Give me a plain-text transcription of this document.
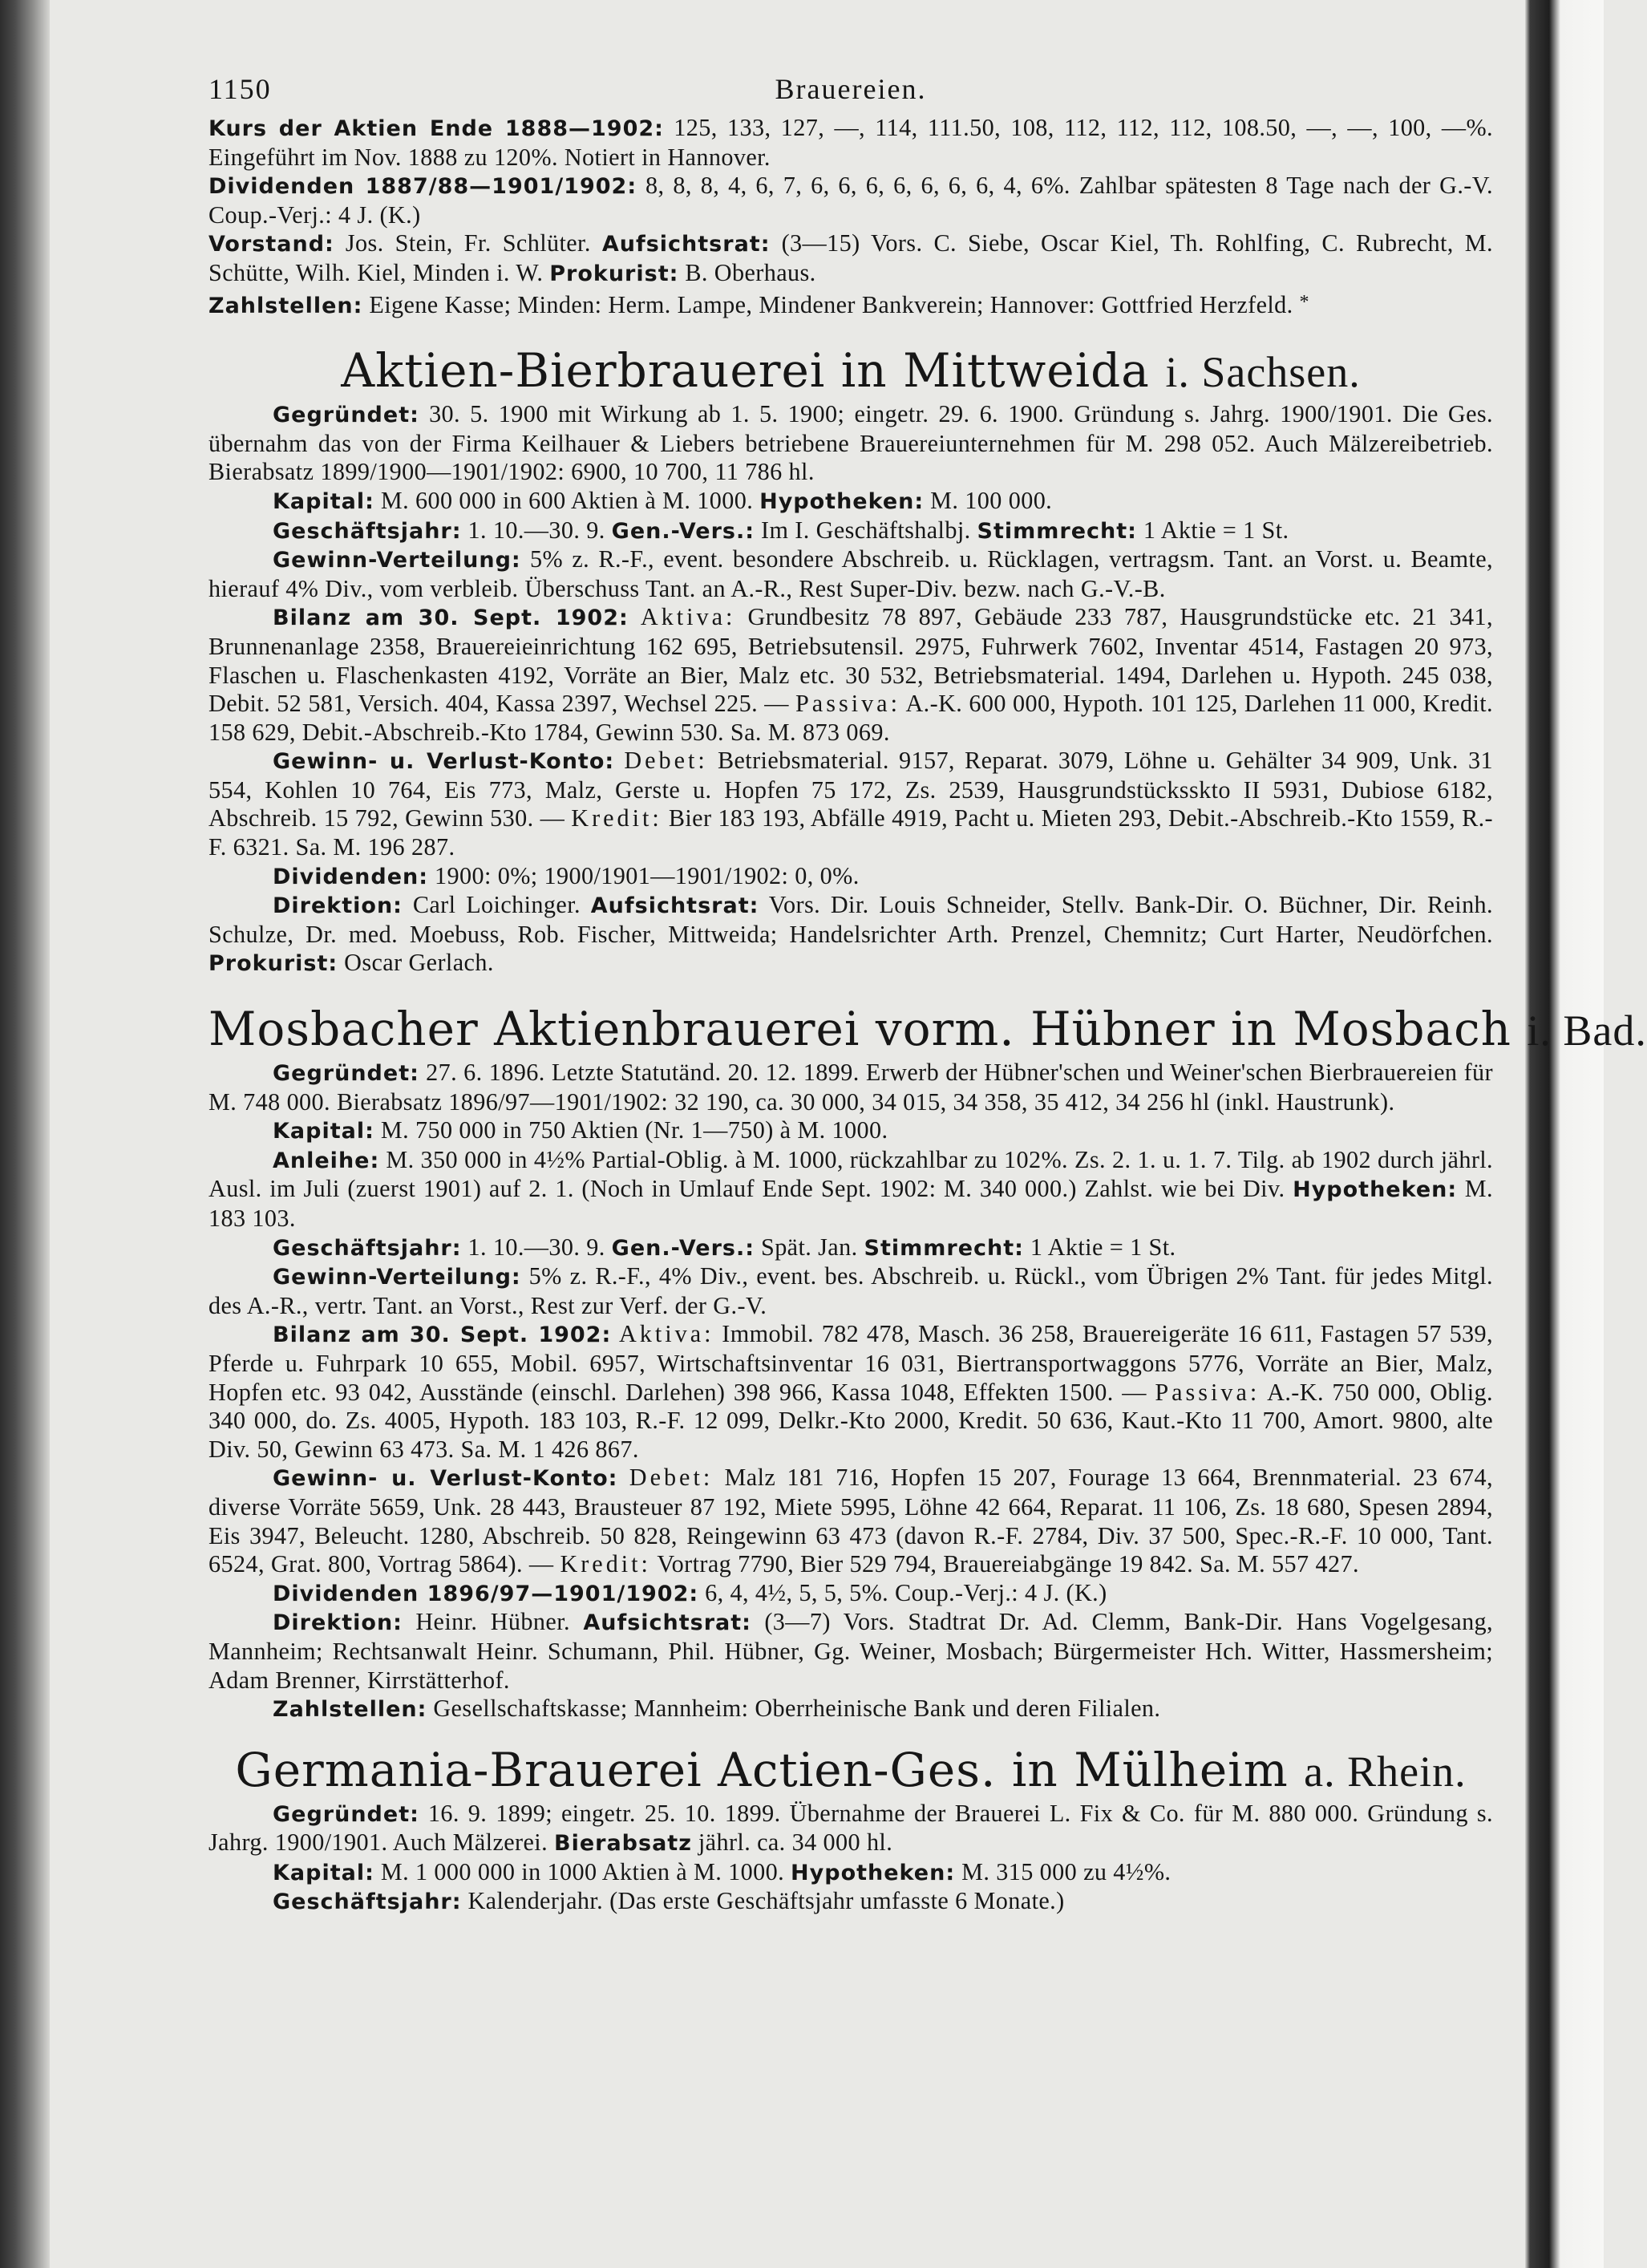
1150	Brauereien.

Kurs der Aktien Ende 1888—1902: 125, 133, 127, —, 114, 111.50, 108, 112, 112, 112, 108.50, —, —, 100, —%. Eingeführt im Nov. 1888 zu 120%. Notiert in Hannover.

Dividenden 1887/88—1901/1902: 8, 8, 8, 4, 6, 7, 6, 6, 6, 6, 6, 6, 6, 4, 6%. Zahlbar spätesten 8 Tage nach der G.-V. Coup.-Verj.: 4 J. (K.)

Vorstand: Jos. Stein, Fr. Schlüter. Aufsichtsrat: (3—15) Vors. C. Siebe, Oscar Kiel, Th. Rohlfing, C. Rubrecht, M. Schütte, Wilh. Kiel, Minden i. W. Prokurist: B. Oberhaus.

Zahlstellen: Eigene Kasse; Minden: Herm. Lampe, Mindener Bankverein; Hannover: Gottfried Herzfeld. *

Aktien-Bierbrauerei in Mittweida i. Sachsen.

Gegründet: 30. 5. 1900 mit Wirkung ab 1. 5. 1900; eingetr. 29. 6. 1900. Gründung s. Jahrg. 1900/1901. Die Ges. übernahm das von der Firma Keilhauer & Liebers betriebene Brauereiunternehmen für M. 298 052. Auch Mälzereibetrieb. Bierabsatz 1899/1900—1901/1902: 6900, 10 700, 11 786 hl.

Kapital: M. 600 000 in 600 Aktien à M. 1000. Hypotheken: M. 100 000.

Geschäftsjahr: 1. 10.—30. 9. Gen.-Vers.: Im I. Geschäftshalbj. Stimmrecht: 1 Aktie = 1 St.

Gewinn-Verteilung: 5% z. R.-F., event. besondere Abschreib. u. Rücklagen, vertragsm. Tant. an Vorst. u. Beamte, hierauf 4% Div., vom verbleib. Überschuss Tant. an A.-R., Rest Super-Div. bezw. nach G.-V.-B.

Bilanz am 30. Sept. 1902: Aktiva: Grundbesitz 78 897, Gebäude 233 787, Hausgrundstücke etc. 21 341, Brunnenanlage 2358, Brauereieinrichtung 162 695, Betriebsutensil. 2975, Fuhrwerk 7602, Inventar 4514, Fastagen 20 973, Flaschen u. Flaschenkasten 4192, Vorräte an Bier, Malz etc. 30 532, Betriebsmaterial. 1494, Darlehen u. Hypoth. 245 038, Debit. 52 581, Versich. 404, Kassa 2397, Wechsel 225. — Passiva: A.-K. 600 000, Hypoth. 101 125, Darlehen 11 000, Kredit. 158 629, Debit.-Abschreib.-Kto 1784, Gewinn 530. Sa. M. 873 069.

Gewinn- u. Verlust-Konto: Debet: Betriebsmaterial. 9157, Reparat. 3079, Löhne u. Gehälter 34 909, Unk. 31 554, Kohlen 10 764, Eis 773, Malz, Gerste u. Hopfen 75 172, Zs. 2539, Hausgrundstücksskto II 5931, Dubiose 6182, Abschreib. 15 792, Gewinn 530. — Kredit: Bier 183 193, Abfälle 4919, Pacht u. Mieten 293, Debit.-Abschreib.-Kto 1559, R.-F. 6321. Sa. M. 196 287.

Dividenden: 1900: 0%; 1900/1901—1901/1902: 0, 0%.

Direktion: Carl Loichinger. Aufsichtsrat: Vors. Dir. Louis Schneider, Stellv. Bank-Dir. O. Büchner, Dir. Reinh. Schulze, Dr. med. Moebuss, Rob. Fischer, Mittweida; Handelsrichter Arth. Prenzel, Chemnitz; Curt Harter, Neudörfchen. Prokurist: Oscar Gerlach.

Mosbacher Aktienbrauerei vorm. Hübner in Mosbach i. Bad.

Gegründet: 27. 6. 1896. Letzte Statutänd. 20. 12. 1899. Erwerb der Hübner'schen und Weiner'schen Bierbrauereien für M. 748 000. Bierabsatz 1896/97—1901/1902: 32 190, ca. 30 000, 34 015, 34 358, 35 412, 34 256 hl (inkl. Haustrunk).

Kapital: M. 750 000 in 750 Aktien (Nr. 1—750) à M. 1000.

Anleihe: M. 350 000 in 4½% Partial-Oblig. à M. 1000, rückzahlbar zu 102%. Zs. 2. 1. u. 1. 7. Tilg. ab 1902 durch jährl. Ausl. im Juli (zuerst 1901) auf 2. 1. (Noch in Umlauf Ende Sept. 1902: M. 340 000.) Zahlst. wie bei Div. Hypotheken: M. 183 103.

Geschäftsjahr: 1. 10.—30. 9. Gen.-Vers.: Spät. Jan. Stimmrecht: 1 Aktie = 1 St.

Gewinn-Verteilung: 5% z. R.-F., 4% Div., event. bes. Abschreib. u. Rückl., vom Übrigen 2% Tant. für jedes Mitgl. des A.-R., vertr. Tant. an Vorst., Rest zur Verf. der G.-V.

Bilanz am 30. Sept. 1902: Aktiva: Immobil. 782 478, Masch. 36 258, Brauereigeräte 16 611, Fastagen 57 539, Pferde u. Fuhrpark 10 655, Mobil. 6957, Wirtschaftsinventar 16 031, Biertransportwaggons 5776, Vorräte an Bier, Malz, Hopfen etc. 93 042, Ausstände (einschl. Darlehen) 398 966, Kassa 1048, Effekten 1500. — Passiva: A.-K. 750 000, Oblig. 340 000, do. Zs. 4005, Hypoth. 183 103, R.-F. 12 099, Delkr.-Kto 2000, Kredit. 50 636, Kaut.-Kto 11 700, Amort. 9800, alte Div. 50, Gewinn 63 473. Sa. M. 1 426 867.

Gewinn- u. Verlust-Konto: Debet: Malz 181 716, Hopfen 15 207, Fourage 13 664, Brennmaterial. 23 674, diverse Vorräte 5659, Unk. 28 443, Brausteuer 87 192, Miete 5995, Löhne 42 664, Reparat. 11 106, Zs. 18 680, Spesen 2894, Eis 3947, Beleucht. 1280, Abschreib. 50 828, Reingewinn 63 473 (davon R.-F. 2784, Div. 37 500, Spec.-R.-F. 10 000, Tant. 6524, Grat. 800, Vortrag 5864). — Kredit: Vortrag 7790, Bier 529 794, Brauereiabgänge 19 842. Sa. M. 557 427.

Dividenden 1896/97—1901/1902: 6, 4, 4½, 5, 5, 5%. Coup.-Verj.: 4 J. (K.)

Direktion: Heinr. Hübner. Aufsichtsrat: (3—7) Vors. Stadtrat Dr. Ad. Clemm, Bank-Dir. Hans Vogelgesang, Mannheim; Rechtsanwalt Heinr. Schumann, Phil. Hübner, Gg. Weiner, Mosbach; Bürgermeister Hch. Witter, Hassmersheim; Adam Brenner, Kirrstätterhof.

Zahlstellen: Gesellschaftskasse; Mannheim: Oberrheinische Bank und deren Filialen.

Germania-Brauerei Actien-Ges. in Mülheim a. Rhein.

Gegründet: 16. 9. 1899; eingetr. 25. 10. 1899. Übernahme der Brauerei L. Fix & Co. für M. 880 000. Gründung s. Jahrg. 1900/1901. Auch Mälzerei. Bierabsatz jährl. ca. 34 000 hl.

Kapital: M. 1 000 000 in 1000 Aktien à M. 1000. Hypotheken: M. 315 000 zu 4½%.

Geschäftsjahr: Kalenderjahr. (Das erste Geschäftsjahr umfasste 6 Monate.)
